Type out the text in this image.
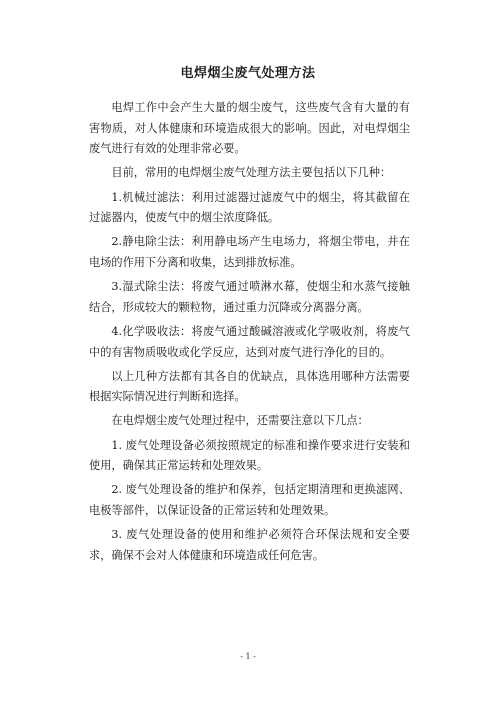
电焊烟尘废气处理方法

电焊工作中会产生大量的烟尘废气，这些废气含有大量的有害物质，对人体健康和环境造成很大的影响。因此，对电焊烟尘废气进行有效的处理非常必要。

目前，常用的电焊烟尘废气处理方法主要包括以下几种：

1.机械过滤法：利用过滤器过滤废气中的烟尘，将其截留在过滤器内，使废气中的烟尘浓度降低。

2.静电除尘法：利用静电场产生电场力，将烟尘带电，并在电场的作用下分离和收集，达到排放标准。

3.湿式除尘法：将废气通过喷淋水幕，使烟尘和水蒸气接触结合，形成较大的颗粒物，通过重力沉降或分离器分离。

4.化学吸收法：将废气通过酸碱溶液或化学吸收剂，将废气中的有害物质吸收或化学反应，达到对废气进行净化的目的。

以上几种方法都有其各自的优缺点，具体选用哪种方法需要根据实际情况进行判断和选择。

在电焊烟尘废气处理过程中，还需要注意以下几点：

1. 废气处理设备必须按照规定的标准和操作要求进行安装和使用，确保其正常运转和处理效果。

2. 废气处理设备的维护和保养，包括定期清理和更换滤网、电极等部件，以保证设备的正常运转和处理效果。

3. 废气处理设备的使用和维护必须符合环保法规和安全要求，确保不会对人体健康和环境造成任何危害。

- 1 -
